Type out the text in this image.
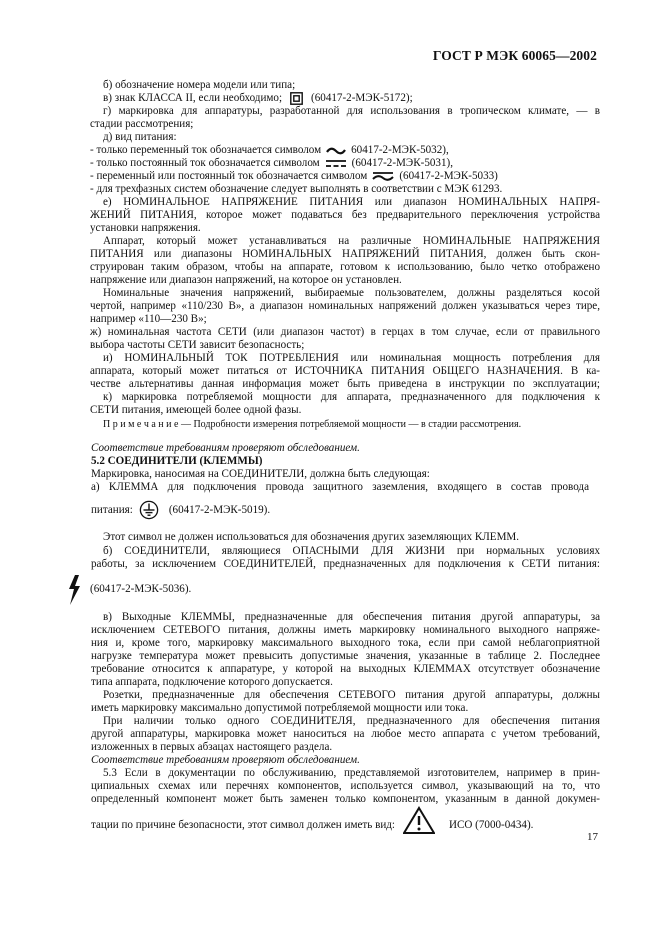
ГОСТ Р МЭК 60065—2002
б) обозначение номера модели или типа;
в) знак КЛАССА II, если необходимо;	(60417-2-МЭК-5172);
г) маркировка для аппаратуры, разработанной для использования в тропическом климате, — в
стадии рассмотрения;
д) вид питания:
- только переменный ток обозначается символом	60417-2-МЭК-5032),
- только постоянный ток обозначается символом	(60417-2-МЭК-5031),
- переменный или постоянный ток обозначается символом	(60417-2-МЭК-5033)
- для трехфазных систем обозначение следует выполнять в соответствии с МЭК 61293.
е) НОМИНАЛЬНОЕ НАПРЯЖЕНИЕ ПИТАНИЯ или диапазон НОМИНАЛЬНЫХ НАПРЯ-
ЖЕНИЙ ПИТАНИЯ, которое может подаваться без предварительного переключения устройства
установки напряжения.
Аппарат, который может устанавливаться на различные НОМИНАЛЬНЫЕ НАПРЯЖЕНИЯ
ПИТАНИЯ или диапазоны НОМИНАЛЬНЫХ НАПРЯЖЕНИЙ ПИТАНИЯ, должен быть скон-
струирован таким образом, чтобы на аппарате, готовом к использованию, было четко отображено
напряжение или диапазон напряжений, на которое он установлен.
Номинальные значения напряжений, выбираемые пользователем, должны разделяться косой
чертой, например «110/230 В», а диапазон номинальных напряжений должен указываться через тире,
например «110—230 В»;
ж) номинальная частота СЕТИ (или диапазон частот) в герцах в том случае, если от правильного
выбора частоты СЕТИ зависит безопасность;
и) НОМИНАЛЬНЫЙ ТОК ПОТРЕБЛЕНИЯ или номинальная мощность потребления для
аппарата, который может питаться от ИСТОЧНИКА ПИТАНИЯ ОБЩЕГО НАЗНАЧЕНИЯ. В ка-
честве альтернативы данная информация может быть приведена в инструкции по эксплуатации;
к) маркировка потребляемой мощности для аппарата, предназначенного для подключения к
СЕТИ питания, имеющей более одной фазы.
П р и м е ч а н и е — Подробности измерения потребляемой мощности — в стадии рассмотрения.
Соответствие требованиям проверяют обследованием.
5.2 СОЕДИНИТЕЛИ (КЛЕММЫ)
Маркировка, наносимая на СОЕДИНИТЕЛИ, должна быть следующая:
а) КЛЕММА для подключения провода защитного заземления, входящего в состав провода
питания:	(60417-2-МЭК-5019).
Этот символ не должен использоваться для обозначения других заземляющих КЛЕММ.
б) СОЕДИНИТЕЛИ, являющиеся ОПАСНЫМИ ДЛЯ ЖИЗНИ при нормальных условиях
работы, за исключением СОЕДИНИТЕЛЕЙ, предназначенных для подключения к СЕТИ питания:
(60417-2-МЭК-5036).
в) Выходные КЛЕММЫ, предназначенные для обеспечения питания другой аппаратуры, за
исключением СЕТЕВОГО питания, должны иметь маркировку номинального выходного напряже-
ния и, кроме того, маркировку максимального выходного тока, если при самой неблагоприятной
нагрузке температура может превысить допустимые значения, указанные в таблице 2. Последнее
требование относится к аппаратуре, у которой на выходных КЛЕММАХ отсутствует обозначение
типа аппарата, подключение которого допускается.
Розетки, предназначенные для обеспечения СЕТЕВОГО питания другой аппаратуры, должны
иметь маркировку максимально допустимой потребляемой мощности или тока.
При наличии только одного СОЕДИНИТЕЛЯ, предназначенного для обеспечения питания
другой аппаратуры, маркировка может наноситься на любое место аппарата с учетом требований,
изложенных в первых абзацах настоящего раздела.
Соответствие требованиям проверяют обследованием.
5.3 Если в документации по обслуживанию, представляемой изготовителем, например в прин-
ципиальных схемах или перечнях компонентов, используется символ, указывающий на то, что
определенный компонент может быть заменен только компонентом, указанным в данной докумен-
тации по причине безопасности, этот символ должен иметь вид:	ИСО (7000-0434).
17
